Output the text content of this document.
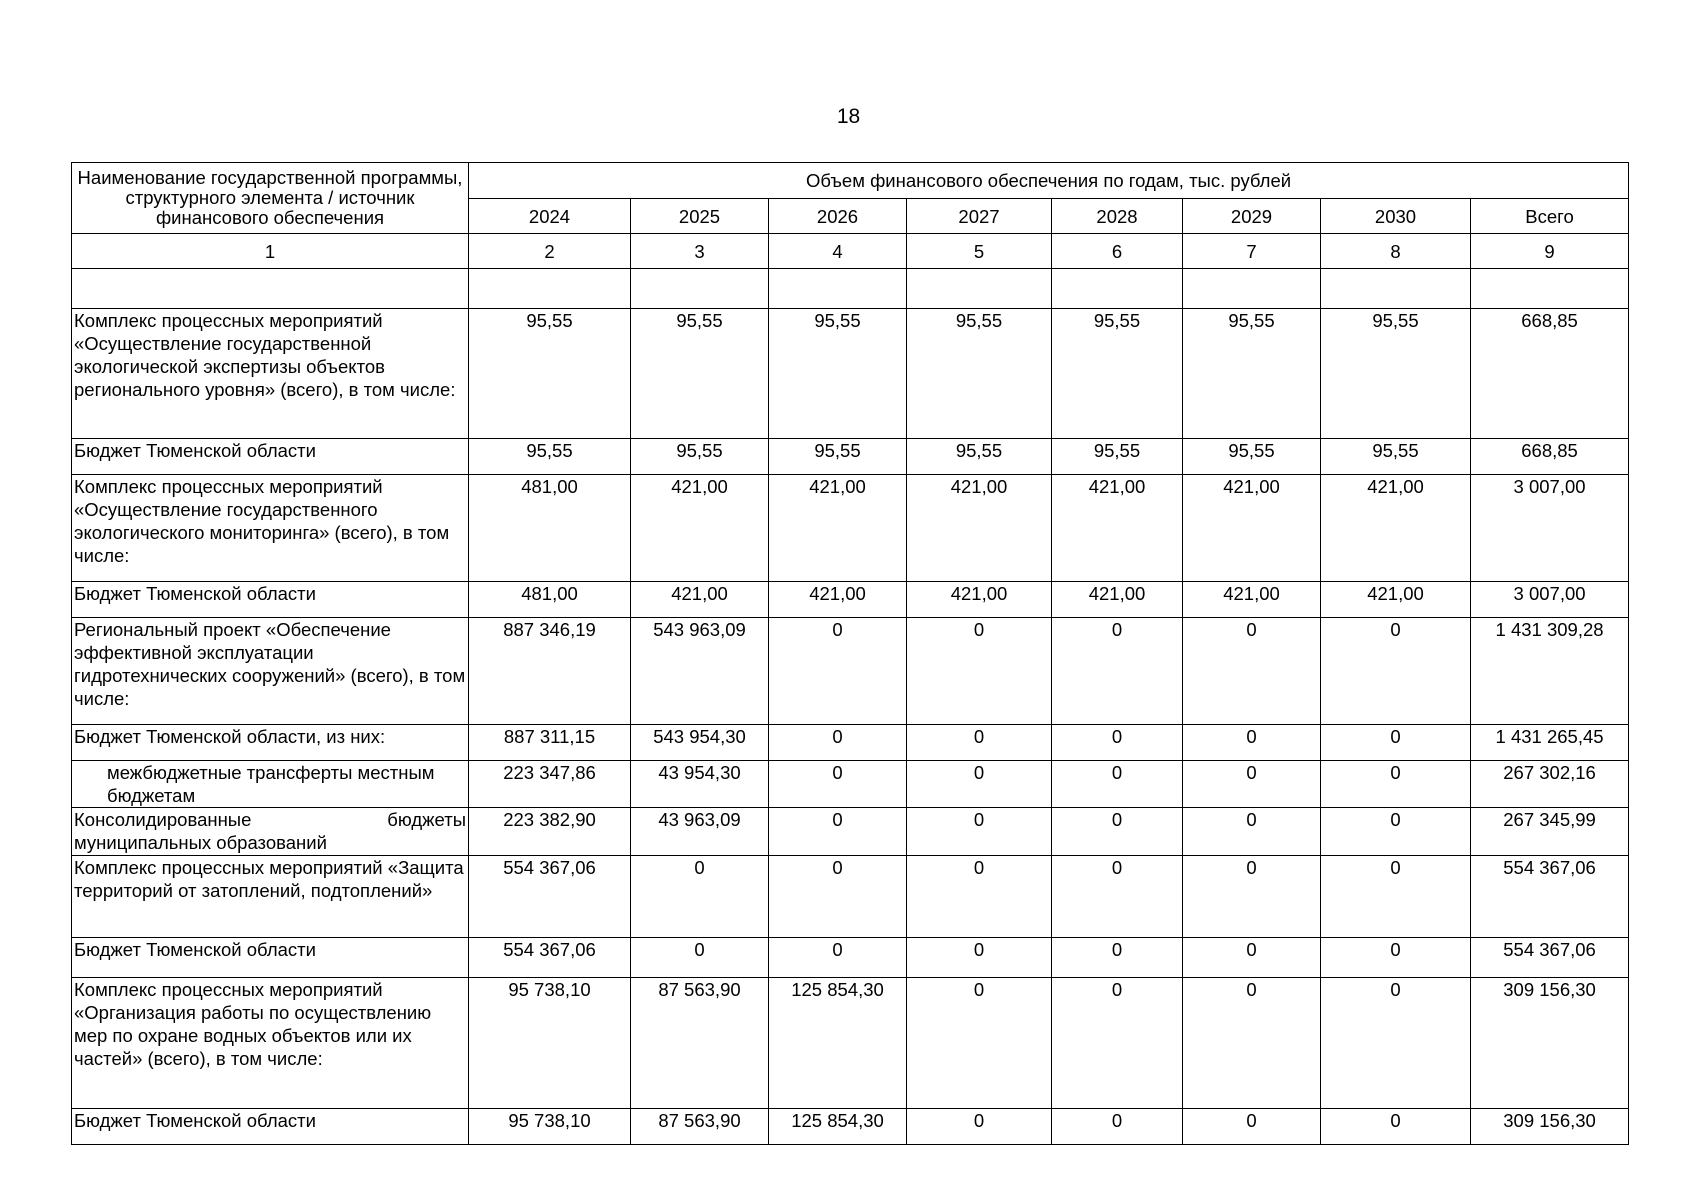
18
Наименование государственной программы, структурного элемента / источник финансового обеспечения	Объем финансового обеспечения по годам, тыс. рублей							
	2024	2025	2026	2027	2028	2029	2030	Всего
1	2	3	4	5	6	7	8	9

Комплекс процессных мероприятий «Осуществление государственной экологической экспертизы объектов регионального уровня» (всего), в том числе:	95,55	95,55	95,55	95,55	95,55	95,55	95,55	668,85
Бюджет Тюменской области	95,55	95,55	95,55	95,55	95,55	95,55	95,55	668,85
Комплекс процессных мероприятий «Осуществление государственного экологического мониторинга» (всего), в том числе:	481,00	421,00	421,00	421,00	421,00	421,00	421,00	3 007,00
Бюджет Тюменской области	481,00	421,00	421,00	421,00	421,00	421,00	421,00	3 007,00
Региональный проект «Обеспечение эффективной эксплуатации гидротехнических сооружений» (всего), в том числе:	887 346,19	543 963,09	0	0	0	0	0	1 431 309,28
Бюджет Тюменской области, из них:	887 311,15	543 954,30	0	0	0	0	0	1 431 265,45
межбюджетные трансферты местным бюджетам	223 347,86	43 954,30	0	0	0	0	0	267 302,16
Консолидированные бюджеты муниципальных образований	223 382,90	43 963,09	0	0	0	0	0	267 345,99
Комплекс процессных мероприятий «Защита территорий от затоплений, подтоплений»	554 367,06	0	0	0	0	0	0	554 367,06
Бюджет Тюменской области	554 367,06	0	0	0	0	0	0	554 367,06
Комплекс процессных мероприятий «Организация работы по осуществлению мер по охране водных объектов или их частей» (всего), в том числе:	95 738,10	87 563,90	125 854,30	0	0	0	0	309 156,30
Бюджет Тюменской области	95 738,10	87 563,90	125 854,30	0	0	0	0	309 156,30
